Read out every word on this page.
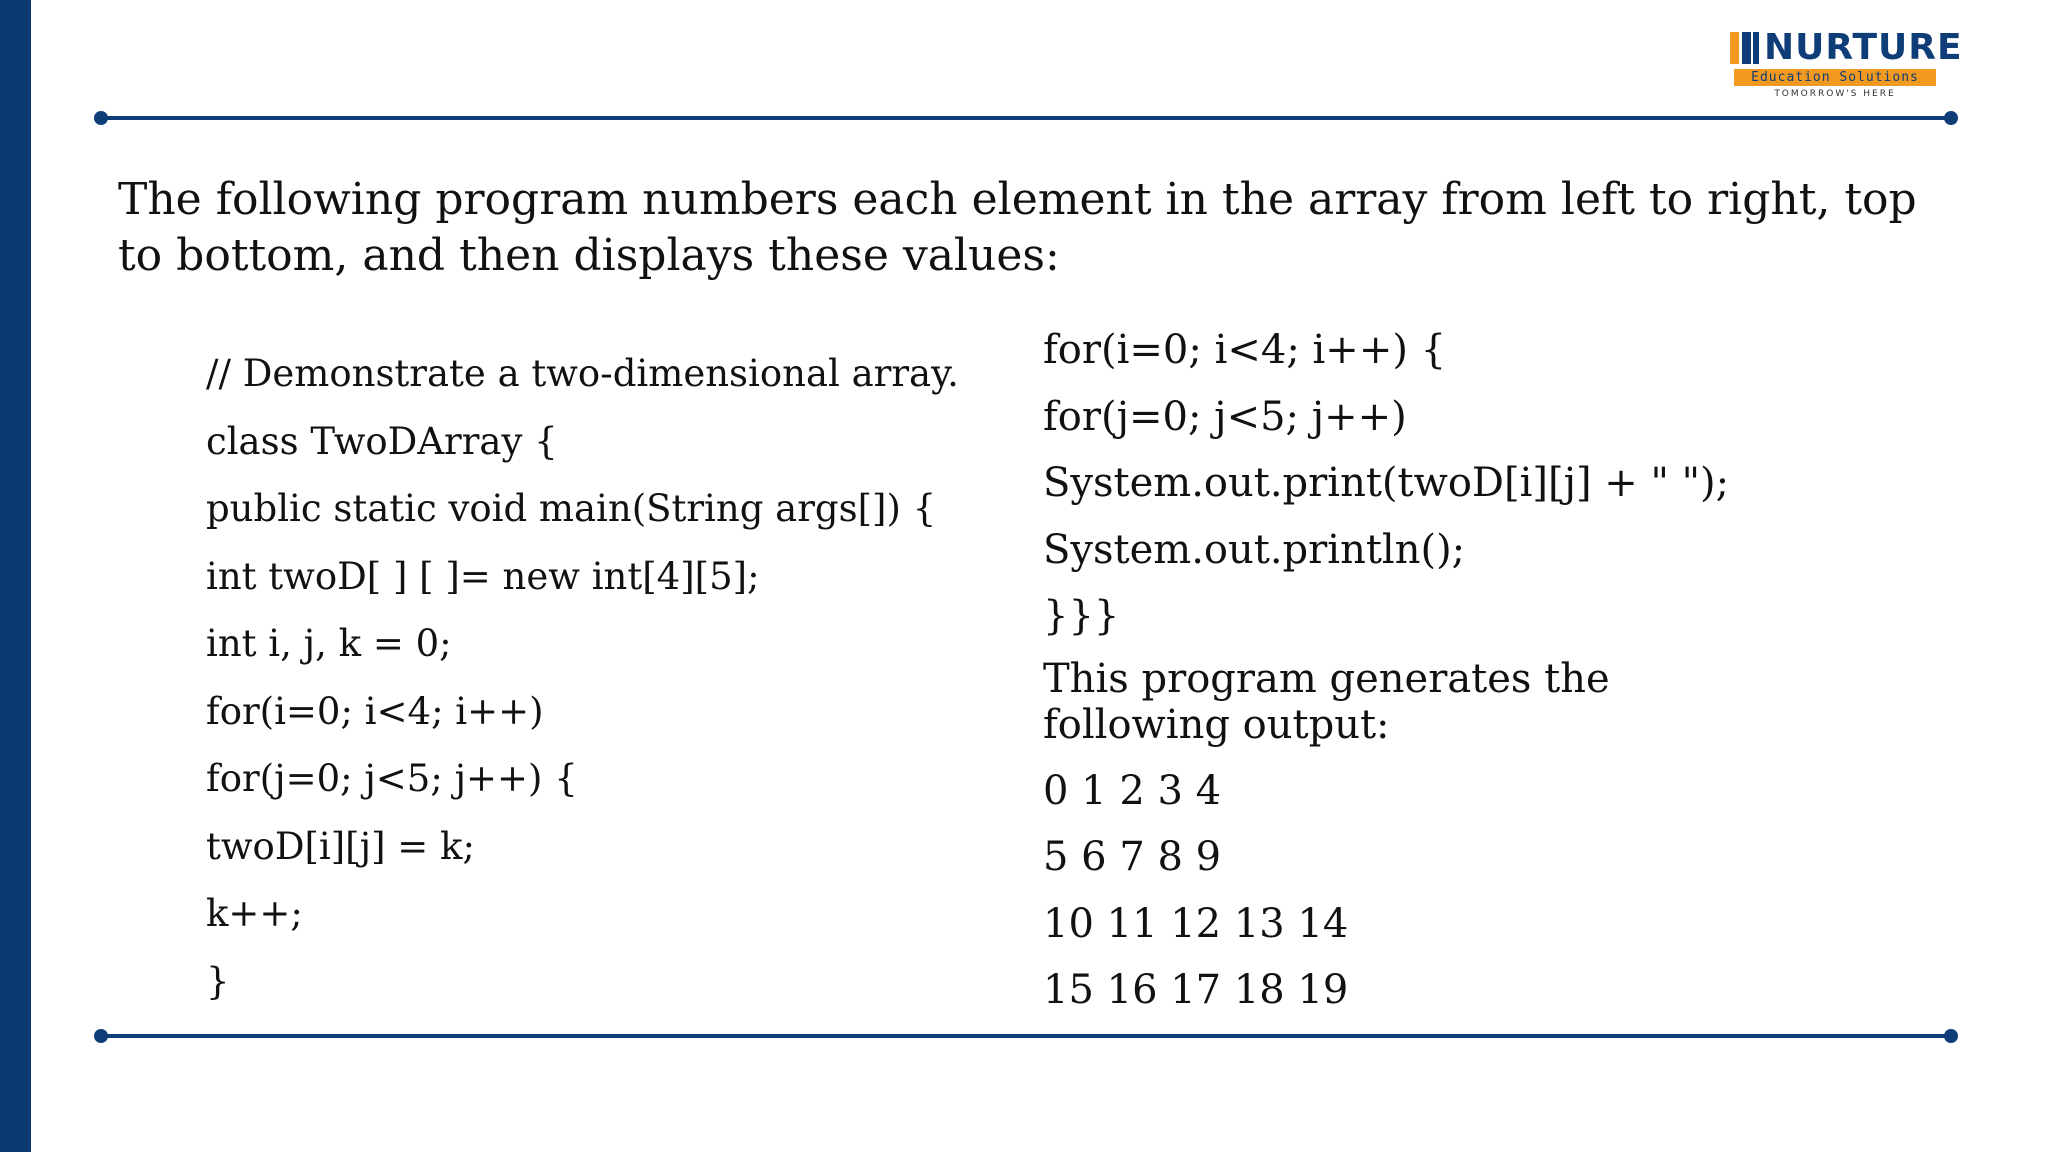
NURTURE
Education Solutions
TOMORROW'S HERE

The following program numbers each element in the array from left to right, top to bottom, and then displays these values:

// Demonstrate a two-dimensional array.
class TwoDArray {
public static void main(String args[]) {
int twoD[ ] [ ]= new int[4][5];
int i, j, k = 0;
for(i=0; i<4; i++)
for(j=0; j<5; j++) {
twoD[i][j] = k;
k++;
}
for(i=0; i<4; i++) {
for(j=0; j<5; j++)
System.out.print(twoD[i][j] + " ");
System.out.println();
}}}
This program generates the
following output:
0 1 2 3 4
5 6 7 8 9
10 11 12 13 14
15 16 17 18 19
